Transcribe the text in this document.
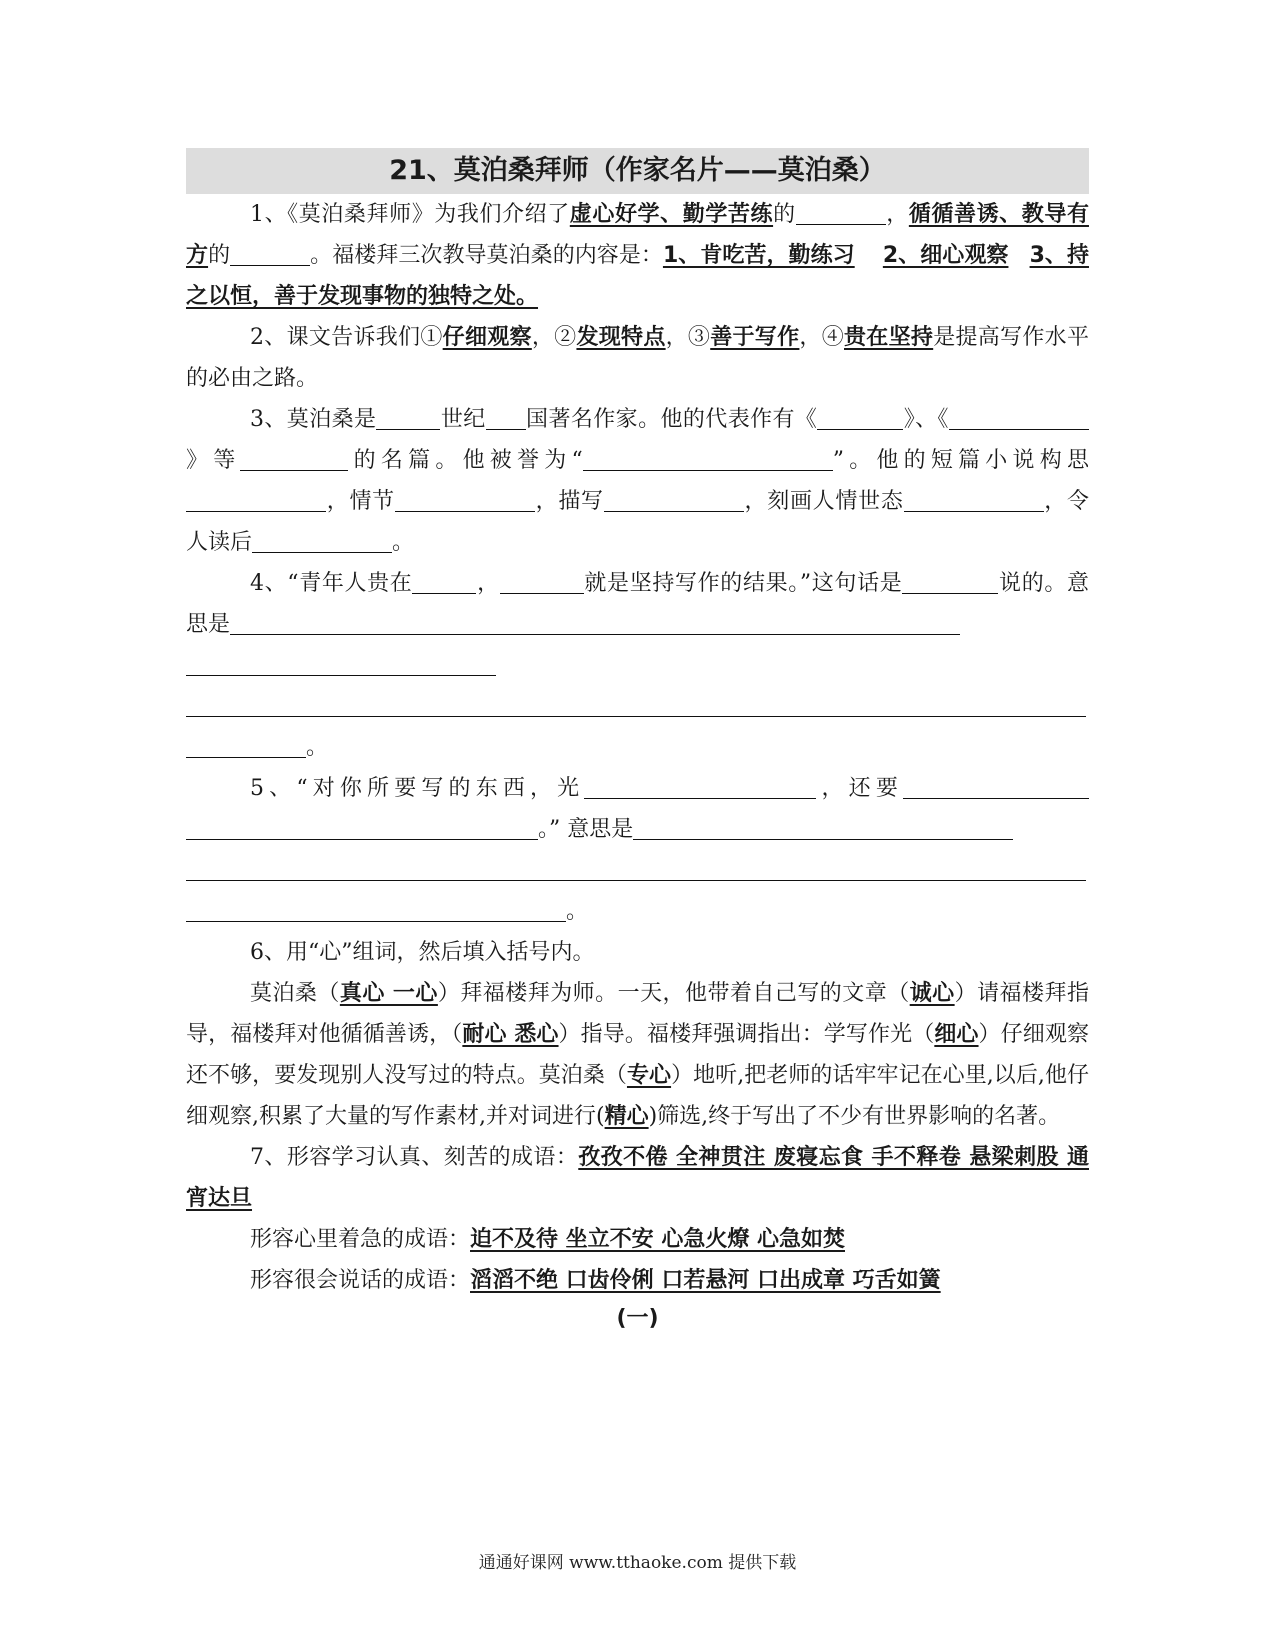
21、莫泊桑拜师（作家名片——莫泊桑）

1、《莫泊桑拜师》为我们介绍了虚心好学、勤学苦练的	，循循善诱、教导有方的	。福楼拜三次教导莫泊桑的内容是：1、肯吃苦，勤练习 2、细心观察 3、持之以恒，善于发现事物的独特之处。

2、课文告诉我们①仔细观察，②发现特点，③善于写作，④贵在坚持是提高写作水平的必由之路。

3、莫泊桑是	世纪 国著名作家。他的代表作有《	》、《》等	的名篇。他被誉为“	”。他的短篇小说构思，情节	，描写	，刻画人情世态	，令人读后	。

4、“青年人贵在	，	就是坚持写作的结果。”这句话是	说的。意思是

。

5、“对你所要写的东西，光	，还要。” 意思是

。

6、用“心”组词，然后填入括号内。

莫泊桑（真心 一心）拜福楼拜为师。一天，他带着自己写的文章（诚心）请福楼拜指导，福楼拜对他循循善诱，（耐心 悉心）指导。福楼拜强调指出：学写作光（细心）仔细观察还不够，要发现别人没写过的特点。莫泊桑（专心）地听,把老师的话牢牢记在心里,以后,他仔细观察,积累了大量的写作素材,并对词进行(精心)筛选,终于写出了不少有世界影响的名著。

7、形容学习认真、刻苦的成语：孜孜不倦 全神贯注 废寝忘食 手不释卷 悬梁刺股 通宵达旦

形容心里着急的成语：迫不及待 坐立不安 心急火燎 心急如焚

形容很会说话的成语：滔滔不绝 口齿伶俐 口若悬河 口出成章 巧舌如簧

(一)
通通好课网 www.tthaoke.com 提供下载
